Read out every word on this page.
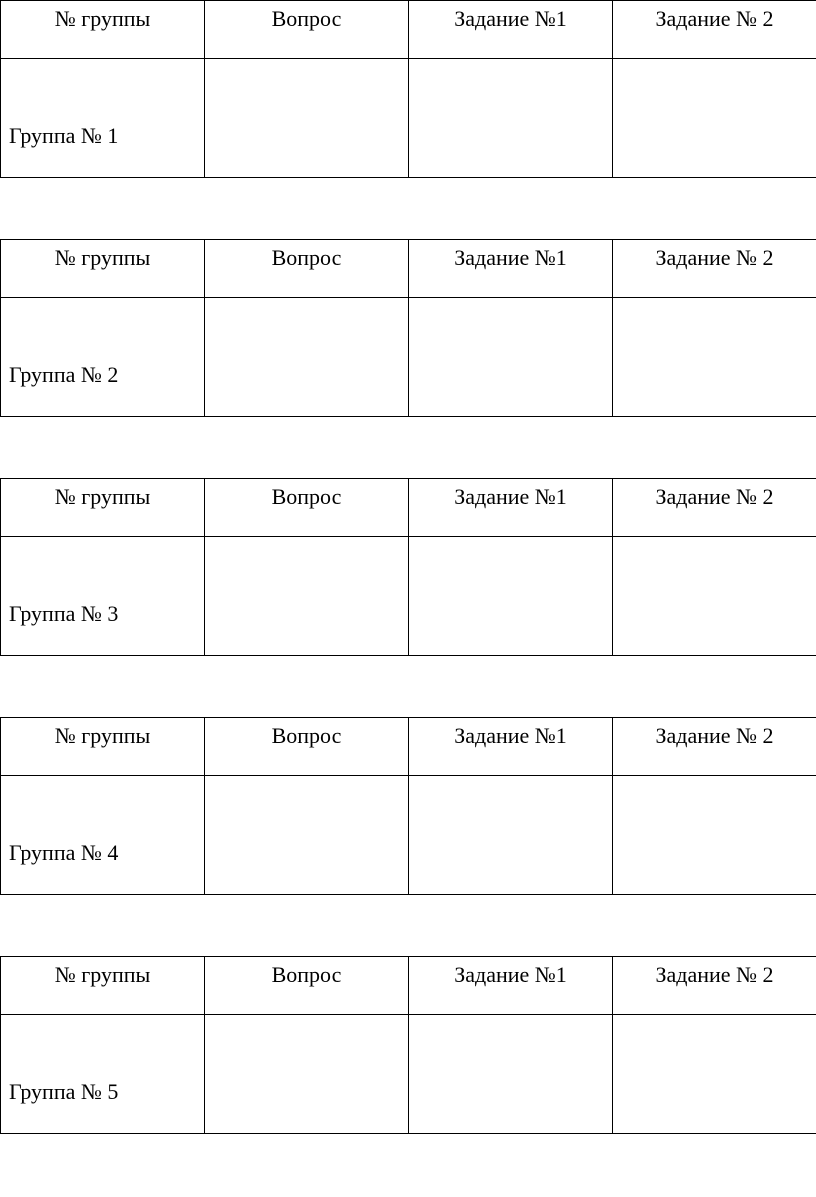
№ группы	Вопрос	Задание №1	Задание № 2
Группа № 1			
№ группы	Вопрос	Задание №1	Задание № 2
Группа № 2			
№ группы	Вопрос	Задание №1	Задание № 2
Группа № 3			
№ группы	Вопрос	Задание №1	Задание № 2
Группа № 4			
№ группы	Вопрос	Задание №1	Задание № 2
Группа № 5			
